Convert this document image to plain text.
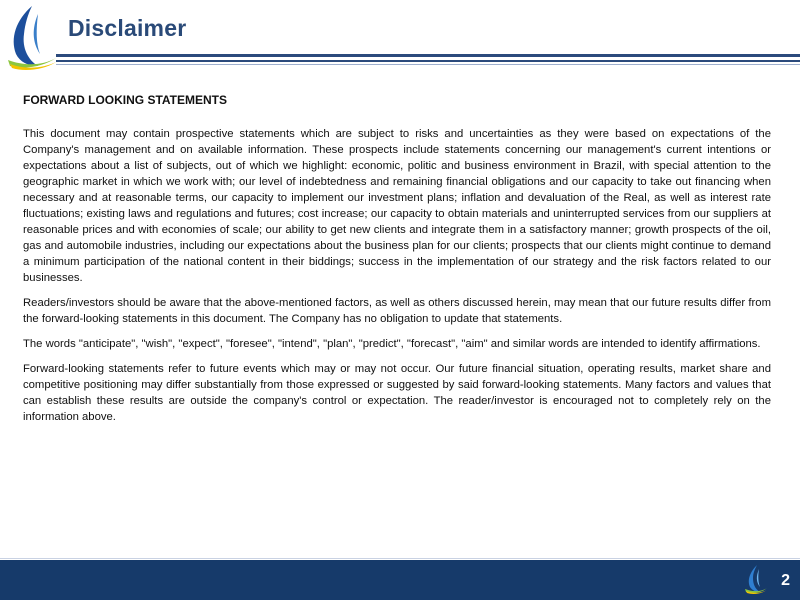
Disclaimer
FORWARD LOOKING STATEMENTS

This document may contain prospective statements which are subject to risks and uncertainties as they were based on expectations of the Company's management and on available information. These prospects include statements concerning our management's current intentions or expectations about a list of subjects, out of which we highlight: economic, politic and business environment in Brazil, with special attention to the geographic market in which we work with; our level of indebtedness and remaining financial obligations and our capacity to take out financing when necessary and at reasonable terms, our capacity to implement our investment plans; inflation and devaluation of the Real, as well as interest rate fluctuations; existing laws and regulations and futures; cost increase; our capacity to obtain materials and uninterrupted services from our suppliers at reasonable prices and with economies of scale; our ability to get new clients and integrate them in a satisfactory manner; growth prospects of the oil, gas and automobile industries, including our expectations about the business plan for our clients; prospects that our clients might continue to demand a minimum participation of the national content in their biddings; success in the implementation of our strategy and the risk factors related to our businesses.

Readers/investors should be aware that the above-mentioned factors, as well as others discussed herein, may mean that our future results differ from the forward-looking statements in this document. The Company has no obligation to update that statements.

The words "anticipate", "wish", "expect", "foresee", "intend", "plan", "predict", "forecast", "aim" and similar words are intended to identify affirmations.

Forward-looking statements refer to future events which may or may not occur. Our future financial situation, operating results, market share and competitive positioning may differ substantially from those expressed or suggested by said forward-looking statements. Many factors and values that can establish these results are outside the company's control or expectation. The reader/investor is encouraged not to completely rely on the information above.

2
